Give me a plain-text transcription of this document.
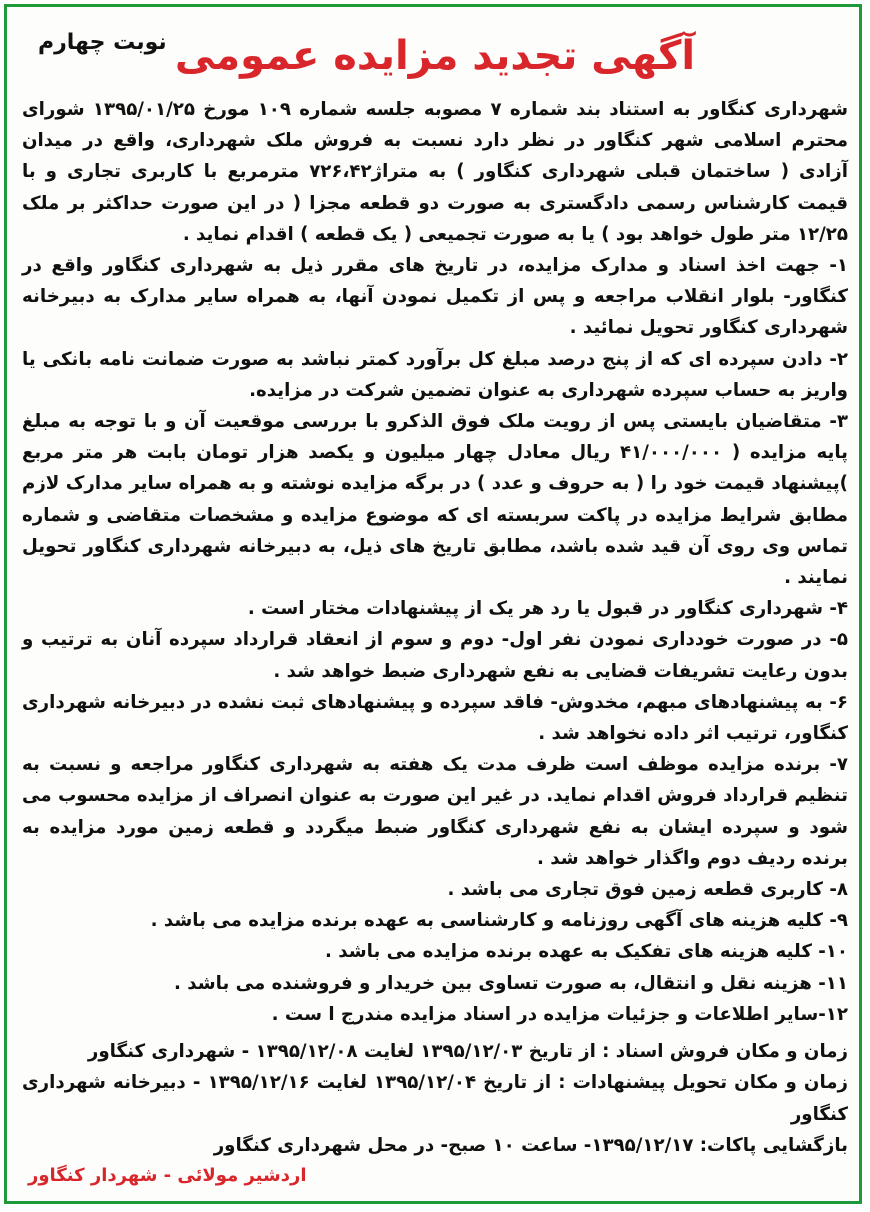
آگهی تجدید مزایده عمومی
نوبت چهارم

شهرداری کنگاور به استناد بند شماره ۷ مصوبه جلسه شماره ۱۰۹ مورخ ۱۳۹۵/۰۱/۲۵ شورای محترم اسلامی شهر کنگاور در نظر دارد نسبت به فروش ملک شهرداری، واقع در میدان آزادی ( ساختمان قبلی شهرداری کنگاور ) به متراژ۷۲۶،۴۲ مترمربع با کاربری تجاری و با قیمت کارشناس رسمی دادگستری به صورت دو قطعه مجزا ( در این صورت حداکثر بر ملک ۱۲/۲۵ متر طول خواهد بود ) یا به صورت تجمیعی ( یک قطعه ) اقدام نماید .

۱- جهت اخذ اسناد و مدارک مزایده، در تاریخ های مقرر ذیل به شهرداری کنگاور واقع در کنگاور- بلوار انقلاب مراجعه و پس از تکمیل نمودن آنها، به همراه سایر مدارک به دبیرخانه شهرداری کنگاور تحویل نمائید .

۲- دادن سپرده ای که از پنج درصد مبلغ کل برآورد کمتر نباشد به صورت ضمانت نامه بانکی یا واریز به حساب سپرده شهرداری به عنوان تضمین شرکت در مزایده.

۳- متقاضیان بایستی پس از رویت ملک فوق الذکرو با بررسی موقعیت آن و با توجه به مبلغ پایه مزایده ( ۴۱/۰۰۰/۰۰۰ ریال معادل چهار میلیون و یکصد هزار تومان بابت هر متر مربع )پیشنهاد قیمت خود را ( به حروف و عدد ) در برگه مزایده نوشته و به همراه سایر مدارک لازم مطابق شرایط مزایده در پاکت سربسته ای که موضوع مزایده و مشخصات متقاضی و شماره تماس وی روی آن قید شده باشد، مطابق تاریخ های ذیل، به دبیرخانه شهرداری کنگاور تحویل نمایند .

۴- شهرداری کنگاور در قبول یا رد هر یک از پیشنهادات مختار است .

۵- در صورت خودداری نمودن نفر اول- دوم و سوم از انعقاد قرارداد سپرده آنان به ترتیب و بدون رعایت تشریفات قضایی به نفع شهرداری ضبط خواهد شد .

۶- به پیشنهادهای مبهم، مخدوش- فاقد سپرده و پیشنهادهای ثبت نشده در دبیرخانه شهرداری کنگاور، ترتیب اثر داده نخواهد شد .

۷- برنده مزایده موظف است ظرف مدت یک هفته به شهرداری کنگاور مراجعه و نسبت به تنظیم قرارداد فروش اقدام نماید. در غیر این صورت به عنوان انصراف از مزایده محسوب می شود و سپرده ایشان به نفع شهرداری کنگاور ضبط میگردد و قطعه زمین مورد مزایده به برنده ردیف دوم واگذار خواهد شد .

۸- کاربری قطعه زمین فوق تجاری می باشد .

۹- کلیه هزینه های آگهی روزنامه و کارشناسی به عهده برنده مزایده می باشد .

۱۰- کلیه هزینه های تفکیک به عهده برنده مزایده می باشد .

۱۱- هزینه نقل و انتقال، به صورت تساوی بین خریدار و فروشنده می باشد .

۱۲-سایر اطلاعات و جزئیات مزایده در اسناد مزایده مندرج ا ست .

زمان و مکان فروش اسناد : از تاریخ ۱۳۹۵/۱۲/۰۳ لغایت ۱۳۹۵/۱۲/۰۸ - شهرداری کنگاور

زمان و مکان تحویل پیشنهادات : از تاریخ ۱۳۹۵/۱۲/۰۴ لغایت ۱۳۹۵/۱۲/۱۶ - دبیرخانه شهرداری کنگاور

بازگشایی پاکات: ۱۳۹۵/۱۲/۱۷- ساعت ۱۰ صبح- در محل شهرداری کنگاور

اردشیر مولائی - شهردار کنگاور
